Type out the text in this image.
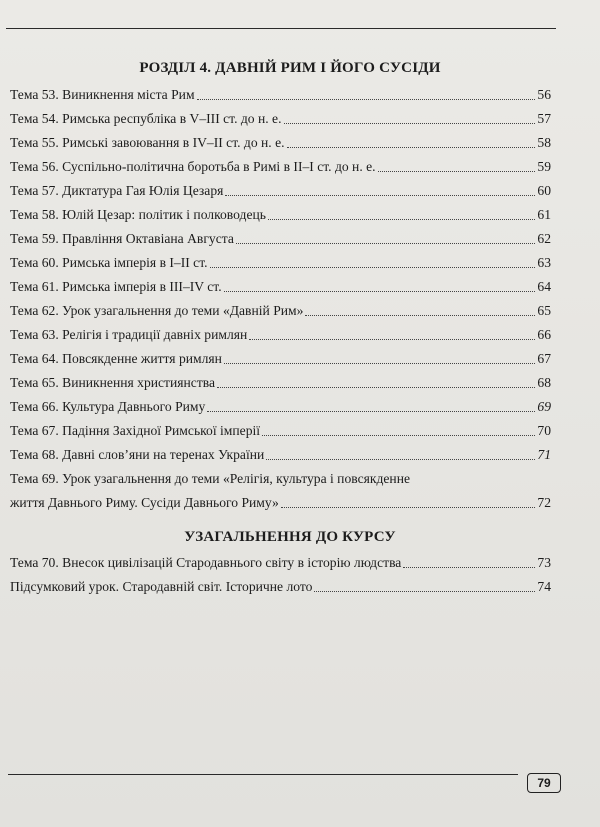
РОЗДІЛ 4. ДАВНІЙ РИМ І ЙОГО СУСІДИ
Тема 53. Виникнення міста Рим	56
Тема 54. Римська республіка в V–III ст. до н. е.	57
Тема 55. Римські завоювання в IV–II ст. до н. е.	58
Тема 56. Суспільно-політична боротьба в Римі в II–I ст. до н. е.	59
Тема 57. Диктатура Гая Юлія Цезаря	60
Тема 58. Юлій Цезар: політик і полководець	61
Тема 59. Правління Октавіана Августа	62
Тема 60. Римська імперія в I–II ст.	63
Тема 61. Римська імперія в III–IV ст.	64
Тема 62. Урок узагальнення до теми «Давній Рим»	65
Тема 63. Релігія і традиції давніх римлян	66
Тема 64. Повсякденне життя римлян	67
Тема 65. Виникнення християнства	68
Тема 66. Культура Давнього Риму	69
Тема 67. Падіння Західної Римської імперії	70
Тема 68. Давні слов’яни на теренах України	71
Тема 69. Урок узагальнення до теми «Релігія, культура і повсякденне
життя Давнього Риму. Сусіди Давнього Риму»	72
УЗАГАЛЬНЕННЯ ДО КУРСУ
Тема 70. Внесок цивілізацій Стародавнього світу в історію людства	73
Підсумковий урок. Стародавній світ. Історичне лото	74
79
